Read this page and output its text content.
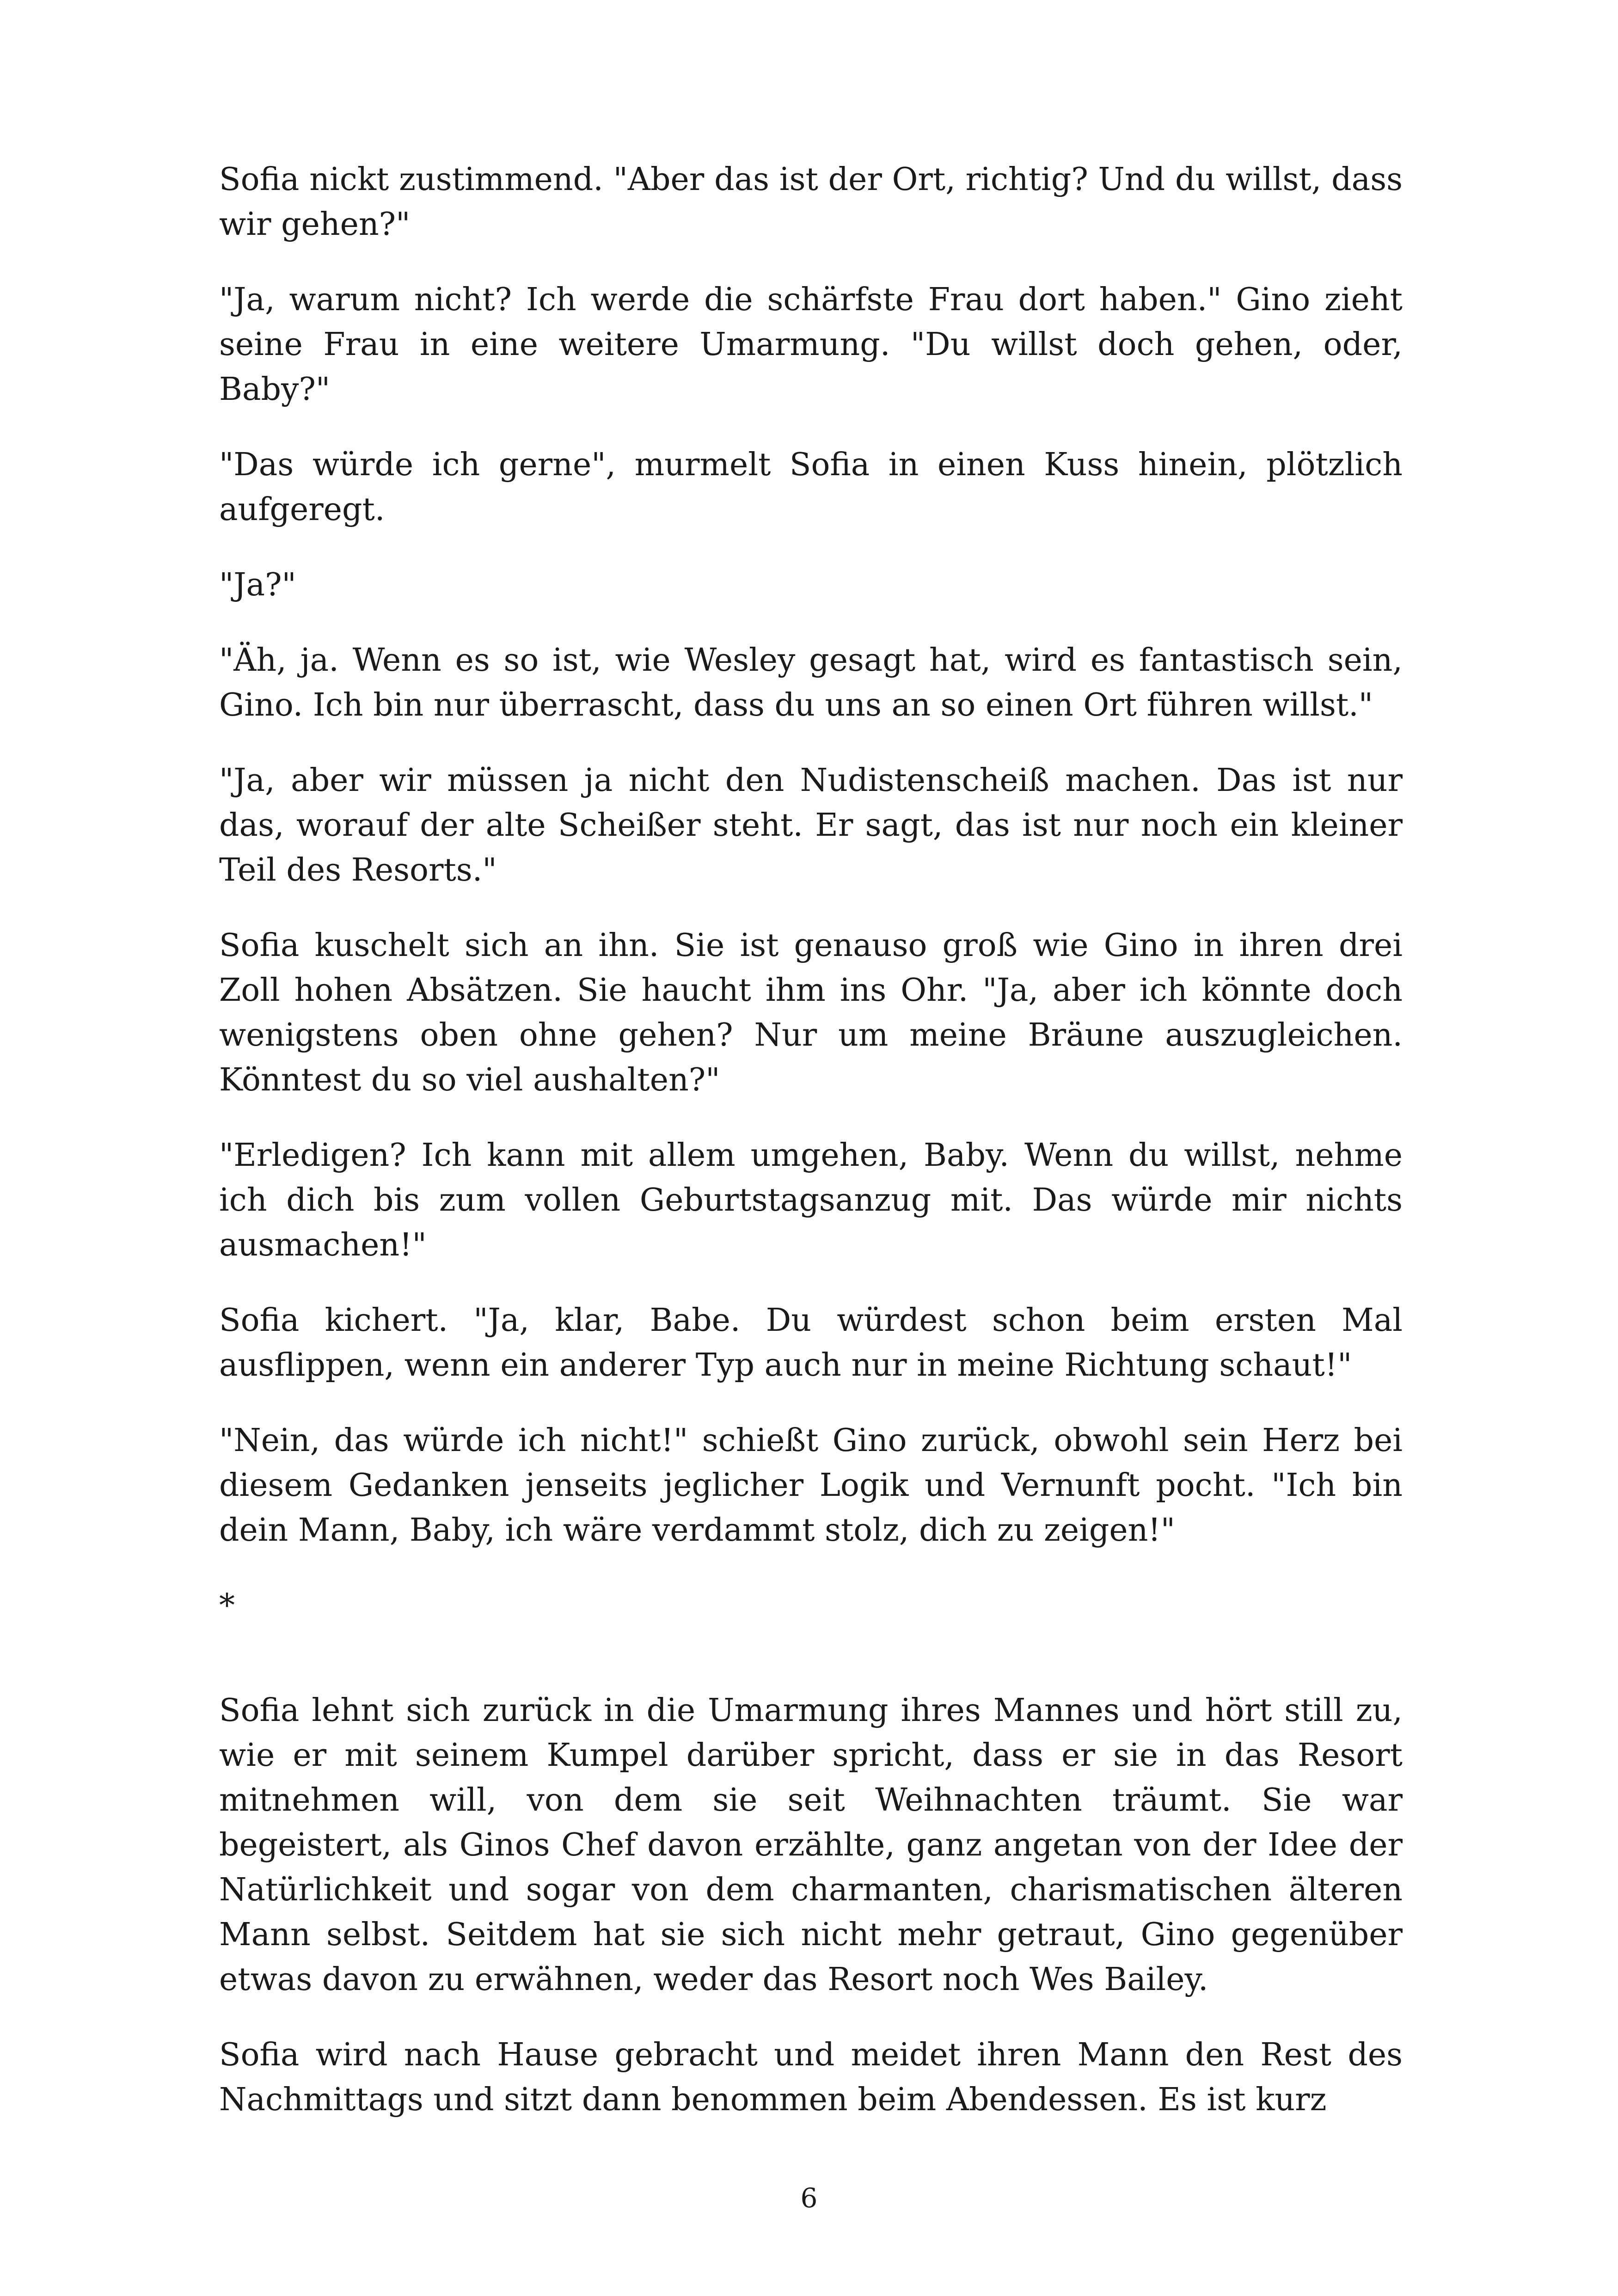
Sofia nickt zustimmend. "Aber das ist der Ort, richtig? Und du willst, dass wir gehen?"

"Ja, warum nicht? Ich werde die schärfste Frau dort haben." Gino zieht seine Frau in eine weitere Umarmung. "Du willst doch gehen, oder, Baby?"

"Das würde ich gerne", murmelt Sofia in einen Kuss hinein, plötzlich aufgeregt.

"Ja?"

"Äh, ja. Wenn es so ist, wie Wesley gesagt hat, wird es fantastisch sein, Gino. Ich bin nur überrascht, dass du uns an so einen Ort führen willst."

"Ja, aber wir müssen ja nicht den Nudistenscheiß machen. Das ist nur das, worauf der alte Scheißer steht. Er sagt, das ist nur noch ein kleiner Teil des Resorts."

Sofia kuschelt sich an ihn. Sie ist genauso groß wie Gino in ihren drei Zoll hohen Absätzen. Sie haucht ihm ins Ohr. "Ja, aber ich könnte doch wenigstens oben ohne gehen? Nur um meine Bräune auszugleichen. Könntest du so viel aushalten?"

"Erledigen? Ich kann mit allem umgehen, Baby. Wenn du willst, nehme ich dich bis zum vollen Geburtstagsanzug mit. Das würde mir nichts ausmachen!"

Sofia kichert. "Ja, klar, Babe. Du würdest schon beim ersten Mal ausflippen, wenn ein anderer Typ auch nur in meine Richtung schaut!"

"Nein, das würde ich nicht!" schießt Gino zurück, obwohl sein Herz bei diesem Gedanken jenseits jeglicher Logik und Vernunft pocht. "Ich bin dein Mann, Baby, ich wäre verdammt stolz, dich zu zeigen!"

*

Sofia lehnt sich zurück in die Umarmung ihres Mannes und hört still zu, wie er mit seinem Kumpel darüber spricht, dass er sie in das Resort mitnehmen will, von dem sie seit Weihnachten träumt. Sie war begeistert, als Ginos Chef davon erzählte, ganz angetan von der Idee der Natürlichkeit und sogar von dem charmanten, charismatischen älteren Mann selbst. Seitdem hat sie sich nicht mehr getraut, Gino gegenüber etwas davon zu erwähnen, weder das Resort noch Wes Bailey.

Sofia wird nach Hause gebracht und meidet ihren Mann den Rest des Nachmittags und sitzt dann benommen beim Abendessen. Es ist kurz

6
